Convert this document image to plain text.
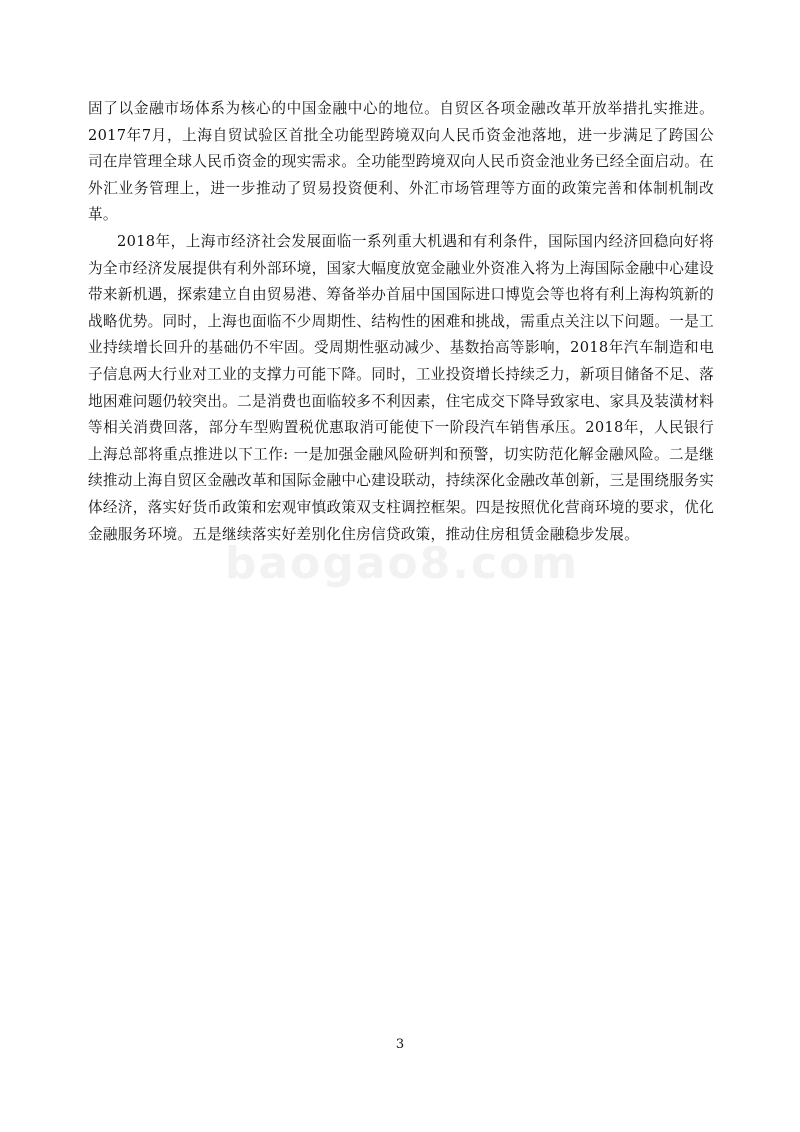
固了以金融市场体系为核心的中国金融中心的地位。自贸区各项金融改革开放举措扎实推进。2017年7月，上海自贸试验区首批全功能型跨境双向人民币资金池落地，进一步满足了跨国公司在岸管理全球人民币资金的现实需求。全功能型跨境双向人民币资金池业务已经全面启动。在外汇业务管理上，进一步推动了贸易投资便利、外汇市场管理等方面的政策完善和体制机制改革。

2018年，上海市经济社会发展面临一系列重大机遇和有利条件，国际国内经济回稳向好将为全市经济发展提供有利外部环境，国家大幅度放宽金融业外资准入将为上海国际金融中心建设带来新机遇，探索建立自由贸易港、筹备举办首届中国国际进口博览会等也将有利上海构筑新的战略优势。同时，上海也面临不少周期性、结构性的困难和挑战，需重点关注以下问题。一是工业持续增长回升的基础仍不牢固。受周期性驱动减少、基数抬高等影响，2018年汽车制造和电子信息两大行业对工业的支撑力可能下降。同时，工业投资增长持续乏力，新项目储备不足、落地困难问题仍较突出。二是消费也面临较多不利因素，住宅成交下降导致家电、家具及装潢材料等相关消费回落，部分车型购置税优惠取消可能使下一阶段汽车销售承压。2018年，人民银行上海总部将重点推进以下工作: 一是加强金融风险研判和预警，切实防范化解金融风险。二是继续推动上海自贸区金融改革和国际金融中心建设联动，持续深化金融改革创新，三是围绕服务实体经济，落实好货币政策和宏观审慎政策双支柱调控框架。四是按照优化营商环境的要求，优化金融服务环境。五是继续落实好差别化住房信贷政策，推动住房租赁金融稳步发展。

baogao8.com
3
